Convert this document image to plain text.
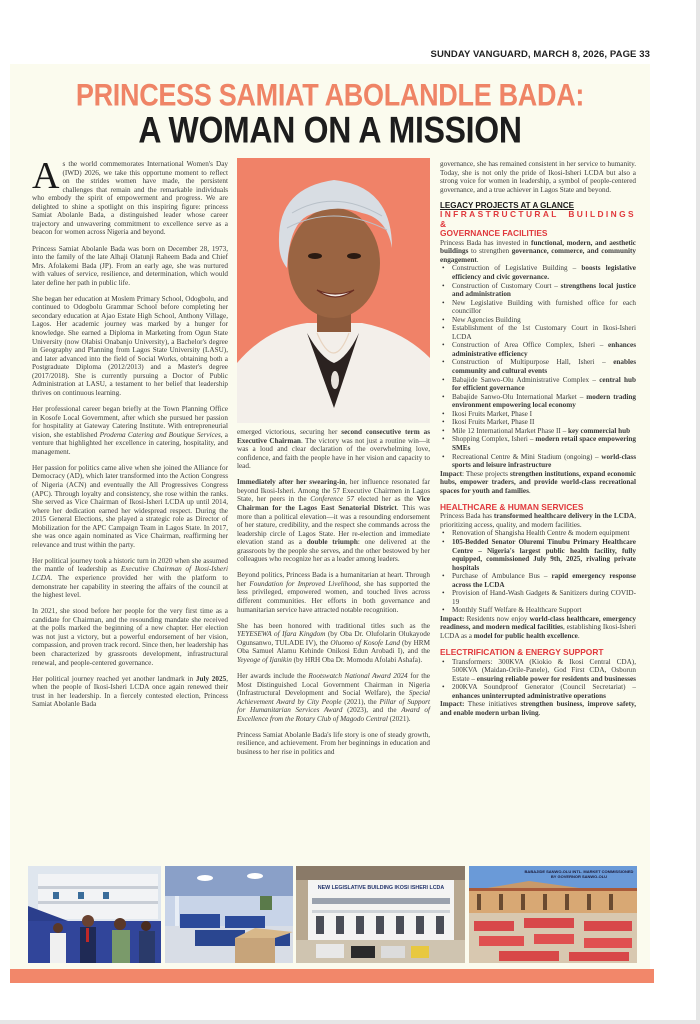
SUNDAY VANGUARD, MARCH 8, 2026, PAGE 33
PRINCESS SAMIAT ABOLANDLE BADA:
A WOMAN ON A MISSION

As the world commemorates International Women's Day (IWD) 2026, we take this opportune moment to reflect on the strides women have made, the persistent challenges that remain and the remarkable individuals who embody the spirit of empowerment and progress. We are delighted to shine a spotlight on this inspiring figure: princess Samiat Abolanle Bada, a distinguished leader whose career trajectory and unwavering commitment to excellence serve as a beacon for women across Nigeria and beyond.

Princess Samiat Abolanle Bada was born on December 28, 1973, into the family of the late Alhaji Olatunji Raheem Bada and Chief Mrs. Afolakemi Bada (JP). From an early age, she was nurtured with values of service, resilience, and determination, which would later define her path in public life.

She began her education at Moslem Primary School, Odogbolu, and continued to Odogbolu Grammar School before completing her secondary education at Ajao Estate High School, Anthony Village, Lagos. Her academic journey was marked by a hunger for knowledge. She earned a Diploma in Marketing from Ogun State University (now Olabisi Onabanjo University), a Bachelor's degree in Geography and Planning from Lagos State University (LASU), and later advanced into the field of Social Works, obtaining both a Postgraduate Diploma (2012/2013) and a Master's degree (2017/2018). She is currently pursuing a Doctor of Public Administration at LASU, a testament to her belief that leadership thrives on continuous learning.

Her professional career began briefly at the Town Planning Office in Kosofe Local Government, after which she pursued her passion for hospitality at Gateway Catering Institute. With entrepreneurial vision, she established Prodema Catering and Boutique Services, a venture that highlighted her excellence in catering, hospitality, and management.

Her passion for politics came alive when she joined the Alliance for Democracy (AD), which later transformed into the Action Congress of Nigeria (ACN) and eventually the All Progressives Congress (APC). Through loyalty and consistency, she rose within the ranks. She served as Vice Chairman of Ikosi-Isheri LCDA up until 2014, where her dedication earned her widespread respect. During the 2015 General Elections, she played a strategic role as Director of Mobilization for the APC Campaign Team in Lagos State. In 2017, she was once again nominated as Vice Chairman, reaffirming her relevance and trust within the party.

Her political journey took a historic turn in 2020 when she assumed the mantle of leadership as Executive Chairman of Ikosi-Isheri LCDA. The experience provided her with the platform to demonstrate her capability in steering the affairs of the council at the highest level.

In 2021, she stood before her people for the very first time as a candidate for Chairman, and the resounding mandate she received at the polls marked the beginning of a new chapter. Her election was not just a victory, but a powerful endorsement of her vision, compassion, and proven track record. Since then, her leadership has been characterized by grassroots development, infrastructural renewal, and people-centered governance.

Her political journey reached yet another landmark in July 2025, when the people of Ikosi-Isheri LCDA once again renewed their trust in her leadership. In a fiercely contested election, Princess Samiat Abolanle Bada

emerged victorious, securing her second consecutive term as Executive Chairman. The victory was not just a routine win—it was a loud and clear declaration of the overwhelming love, confidence, and faith the people have in her vision and capacity to lead.

Immediately after her swearing-in, her influence resonated far beyond Ikosi-Isheri. Among the 57 Executive Chairmen in Lagos State, her peers in the Conference 57 elected her as the Vice Chairman for the Lagos East Senatorial District. This was more than a political elevation—it was a resounding endorsement of her stature, credibility, and the respect she commands across the leadership circle of Lagos State. Her re-election and immediate elevation stand as a double triumph: one delivered at the grassroots by the people she serves, and the other bestowed by her colleagues who recognize her as a leader among leaders.

Beyond politics, Princess Bada is a humanitarian at heart. Through her Foundation for Improved Livelihood, she has supported the less privileged, empowered women, and touched lives across different communities. Her efforts in both governance and humanitarian service have attracted notable recognition.

She has been honored with traditional titles such as the YEYESEWA of Ifara Kingdom (by Oba Dr. Olufolarin Olukayode Ogunsanwo, TULADE IV), the Oluomo of Kosofe Land (by HRM Oba Samuel Alamu Kehinde Onikosi Edun Arobadi I), and the Yeyeoge of Ijanikin (by HRH Oba Dr. Momodu Afolabi Ashafa).

Her awards include the Rootswatch National Award 2024 for the Most Distinguished Local Government Chairman in Nigeria (Infrastructural Development and Social Welfare), the Special Achievement Award by City People (2021), the Pillar of Support for Humanitarian Services Award (2023), and the Award of Excellence from the Rotary Club of Magodo Central (2021).

Princess Samiat Abolanle Bada's life story is one of steady growth, resilience, and achievement. From her beginnings in education and business to her rise in politics and

governance, she has remained consistent in her service to humanity. Today, she is not only the pride of Ikosi-Isheri LCDA but also a strong voice for women in leadership, a symbol of people-centered governance, and a true achiever in Lagos State and beyond.

LEGACY PROJECTS AT A GLANCE
INFRASTRUCTURAL BUILDINGS &
GOVERNANCE FACILITIES
Princess Bada has invested in functional, modern, and aesthetic buildings to strengthen governance, commerce, and community engagement.
• Construction of Legislative Building – boosts legislative efficiency and civic governance.
• Construction of Customary Court – strengthens local justice and administration
• New Legislative Building with furnished office for each councillor
• New Agencies Building
• Establishment of the 1st Customary Court in Ikosi-Isheri LCDA
• Construction of Area Office Complex, Isheri – enhances administrative efficiency
• Construction of Multipurpose Hall, Isheri – enables community and cultural events
• Babajide Sanwo-Olu Administrative Complex – central hub for efficient governance
• Babajide Sanwo-Olu International Market – modern trading environment empowering local economy
• Ikosi Fruits Market, Phase I
• Ikosi Fruits Market, Phase II
• Mile 12 International Market Phase II – key commercial hub
• Shopping Complex, Isheri – modern retail space empowering SMEs
• Recreational Centre & Mini Stadium (ongoing) – world-class sports and leisure infrastructure

Impact: These projects strengthen institutions, expand economic hubs, empower traders, and provide world-class recreational spaces for youth and families.

HEALTHCARE & HUMAN SERVICES
Princess Bada has transformed healthcare delivery in the LCDA, prioritizing access, quality, and modern facilities.
• Renovation of Shangisha Health Centre & modern equipment
• 105-Bedded Senator Oluremi Tinubu Primary Healthcare Centre – Nigeria's largest public health facility, fully equipped, commissioned July 9th, 2025, rivaling private hospitals
• Purchase of Ambulance Bus – rapid emergency response across the LCDA
• Provision of Hand-Wash Gadgets & Sanitizers during COVID-19
• Monthly Staff Welfare & Healthcare Support

Impact: Residents now enjoy world-class healthcare, emergency readiness, and modern medical facilities, establishing Ikosi-Isheri LCDA as a model for public health excellence.

ELECTRIFICATION & ENERGY SUPPORT
• Transformers: 300KVA (Kiokio & Ikosi Central CDA), 500KVA (Maidan-Orile-Panele), God First CDA, Osborun Estate – ensuring reliable power for residents and businesses
• 200KVA Soundproof Generator (Council Secretariat) – enhances uninterrupted administrative operations
Impact: These initiatives strengthen business, improve safety, and enable modern urban living.
NEW LEGISLATIVE BUILDING IKOSI ISHERI LCDA
BABAJIDE SANWO-OLU INTL. MARKET COMMISSIONED BY GOVERNOR SANWO-OLU
